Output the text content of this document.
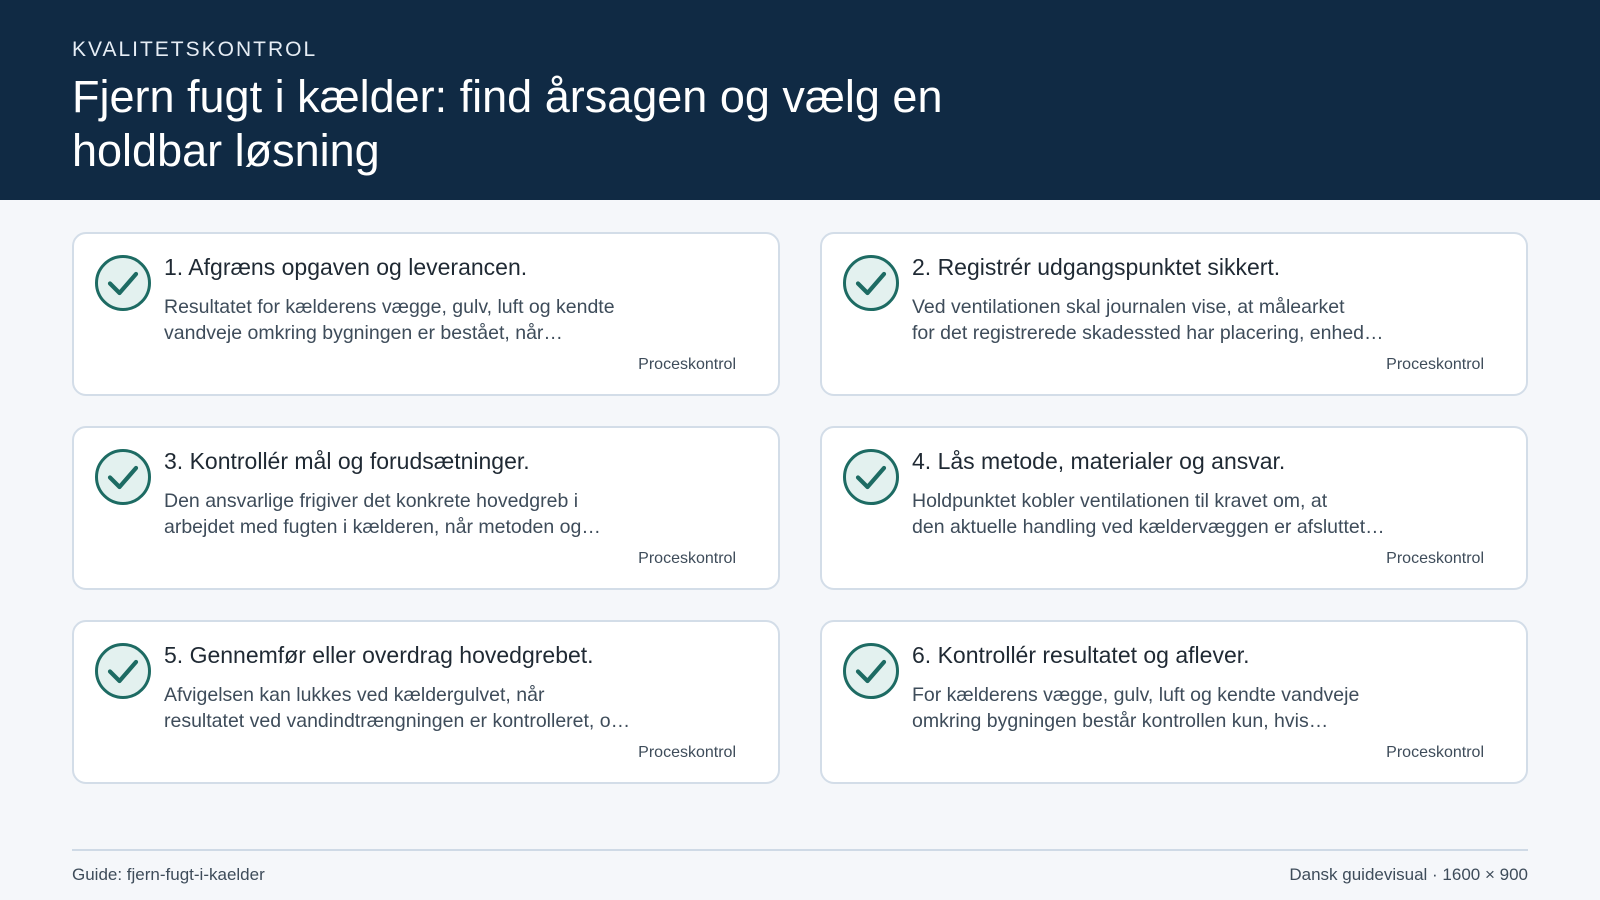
KVALITETSKONTROL
Fjern fugt i kælder: find årsagen og vælg en holdbar løsning
1. Afgræns opgaven og leverancen.
Resultatet for kælderens vægge, gulv, luft og kendte
vandveje omkring bygningen er bestået, når…
Proceskontrol
2. Registrér udgangspunktet sikkert.
Ved ventilationen skal journalen vise, at målearket
for det registrerede skadessted har placering, enhed…
Proceskontrol
3. Kontrollér mål og forudsætninger.
Den ansvarlige frigiver det konkrete hovedgreb i
arbejdet med fugten i kælderen, når metoden og…
Proceskontrol
4. Lås metode, materialer og ansvar.
Holdpunktet kobler ventilationen til kravet om, at
den aktuelle handling ved kældervæggen er afsluttet…
Proceskontrol
5. Gennemfør eller overdrag hovedgrebet.
Afvigelsen kan lukkes ved kældergulvet, når
resultatet ved vandindtrængningen er kontrolleret, o…
Proceskontrol
6. Kontrollér resultatet og aflever.
For kælderens vægge, gulv, luft og kendte vandveje
omkring bygningen består kontrollen kun, hvis…
Proceskontrol
Guide: fjern-fugt-i-kaelder	Dansk guidevisual · 1600 × 900
